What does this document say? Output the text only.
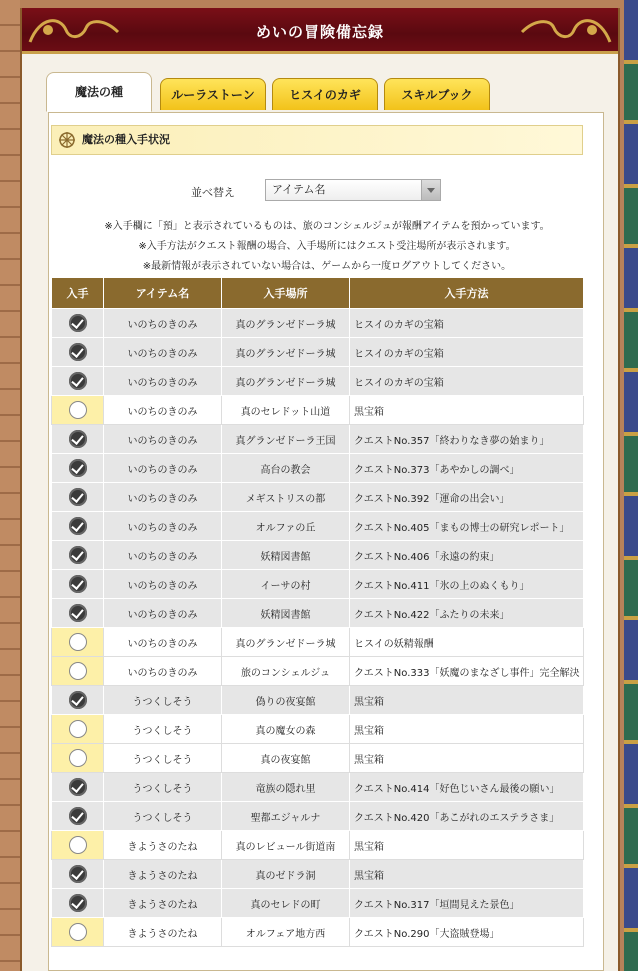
めいの冒険備忘録
魔法の種	ルーラストーン	ヒスイのカギ	スキルブック
魔法の種入手状況
並べ替え	アイテム名
※入手欄に「預」と表示されているものは、旅のコンシェルジュが報酬アイテムを預かっています。
※入手方法がクエスト報酬の場合、入手場所にはクエスト受注場所が表示されます。
※最新情報が表示されていない場合は、ゲームから一度ログアウトしてください。
入手	アイテム名	入手場所	入手方法
	いのちのきのみ	真のグランゼドーラ城	ヒスイのカギの宝箱
	いのちのきのみ	真のグランゼドーラ城	ヒスイのカギの宝箱
	いのちのきのみ	真のグランゼドーラ城	ヒスイのカギの宝箱
	いのちのきのみ	真のセレドット山道	黒宝箱
	いのちのきのみ	真グランゼドーラ王国	クエストNo.357「終わりなき夢の始まり」
	いのちのきのみ	高台の教会	クエストNo.373「あやかしの調べ」
	いのちのきのみ	メギストリスの都	クエストNo.392「運命の出会い」
	いのちのきのみ	オルファの丘	クエストNo.405「まもの博士の研究レポート」
	いのちのきのみ	妖精図書館	クエストNo.406「永遠の約束」
	いのちのきのみ	イーサの村	クエストNo.411「氷の上のぬくもり」
	いのちのきのみ	妖精図書館	クエストNo.422「ふたりの未来」
	いのちのきのみ	真のグランゼドーラ城	ヒスイの妖精報酬
	いのちのきのみ	旅のコンシェルジュ	クエストNo.333「妖魔のまなざし事件」完全解決
	うつくしそう	偽りの夜宴館	黒宝箱
	うつくしそう	真の魔女の森	黒宝箱
	うつくしそう	真の夜宴館	黒宝箱
	うつくしそう	竜族の隠れ里	クエストNo.414「好色じいさん最後の願い」
	うつくしそう	聖都エジャルナ	クエストNo.420「あこがれのエステラさま」
	きようさのたね	真のレビュール街道南	黒宝箱
	きようさのたね	真のゼドラ洞	黒宝箱
	きようさのたね	真のセレドの町	クエストNo.317「垣間見えた景色」
	きようさのたね	オルフェア地方西	クエストNo.290「大盗賊登場」
